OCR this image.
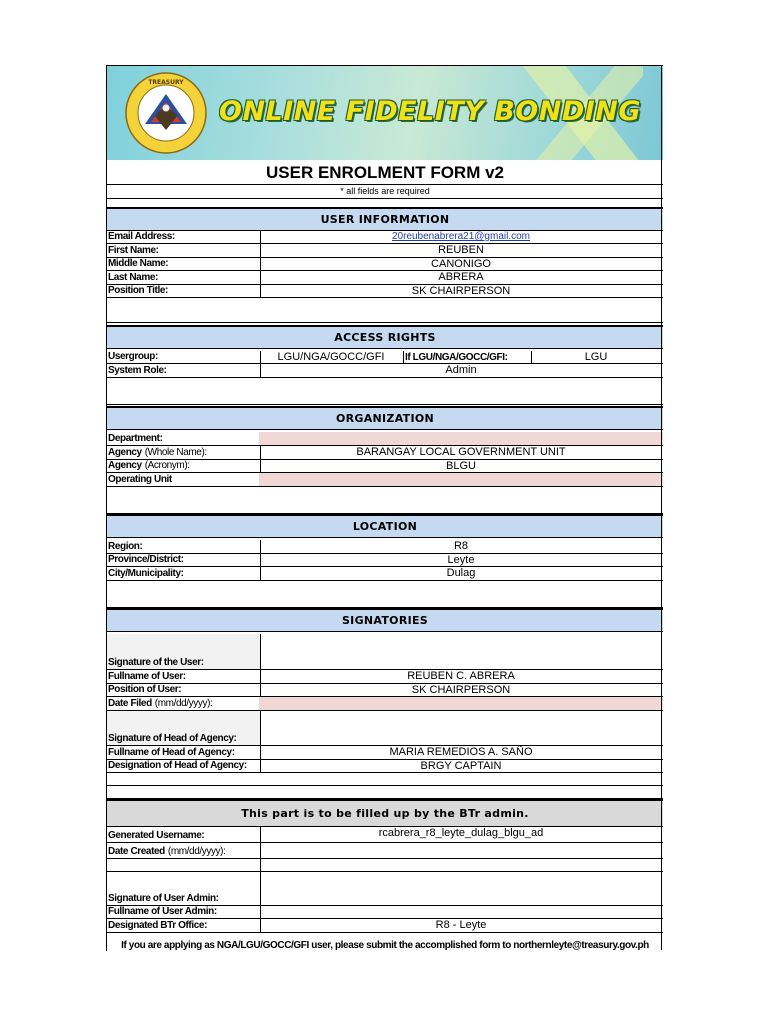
TREASURY
ONLINE FIDELITY BONDING
USER ENROLMENT FORM v2
* all fields are required
USER INFORMATION
Email Address:	20reubenabrera21@gmail.com
First Name:	REUBEN
Middle Name:	CANONIGO
Last Name:	ABRERA
Position Title:	SK CHAIRPERSON
ACCESS RIGHTS
Usergroup:	LGU/NGA/GOCC/GFI	If LGU/NGA/GOCC/GFI:	LGU
System Role:	Admin
ORGANIZATION
Department:
Agency (Whole Name):	BARANGAY LOCAL GOVERNMENT UNIT
Agency (Acronym):	BLGU
Operating Unit
LOCATION
Region:	R8
Province/District:	Leyte
City/Municipality:	Dulag
SIGNATORIES
Signature of the User:
Fullname of User:	REUBEN C. ABRERA
Position of User:	SK CHAIRPERSON
Date Filed (mm/dd/yyyy):
Signature of Head of Agency:
Fullname of Head of Agency:	MARIA REMEDIOS A. SAÑO
Designation of Head of Agency:	BRGY CAPTAIN
This part is to be filled up by the BTr admin.
Generated Username:	rcabrera_r8_leyte_dulag_blgu_ad
Date Created (mm/dd/yyyy):
Signature of User Admin:
Fullname of User Admin:
Designated BTr Office:	R8 - Leyte
If you are applying as NGA/LGU/GOCC/GFI user, please submit the accomplished form to northernleyte@treasury.gov.ph
